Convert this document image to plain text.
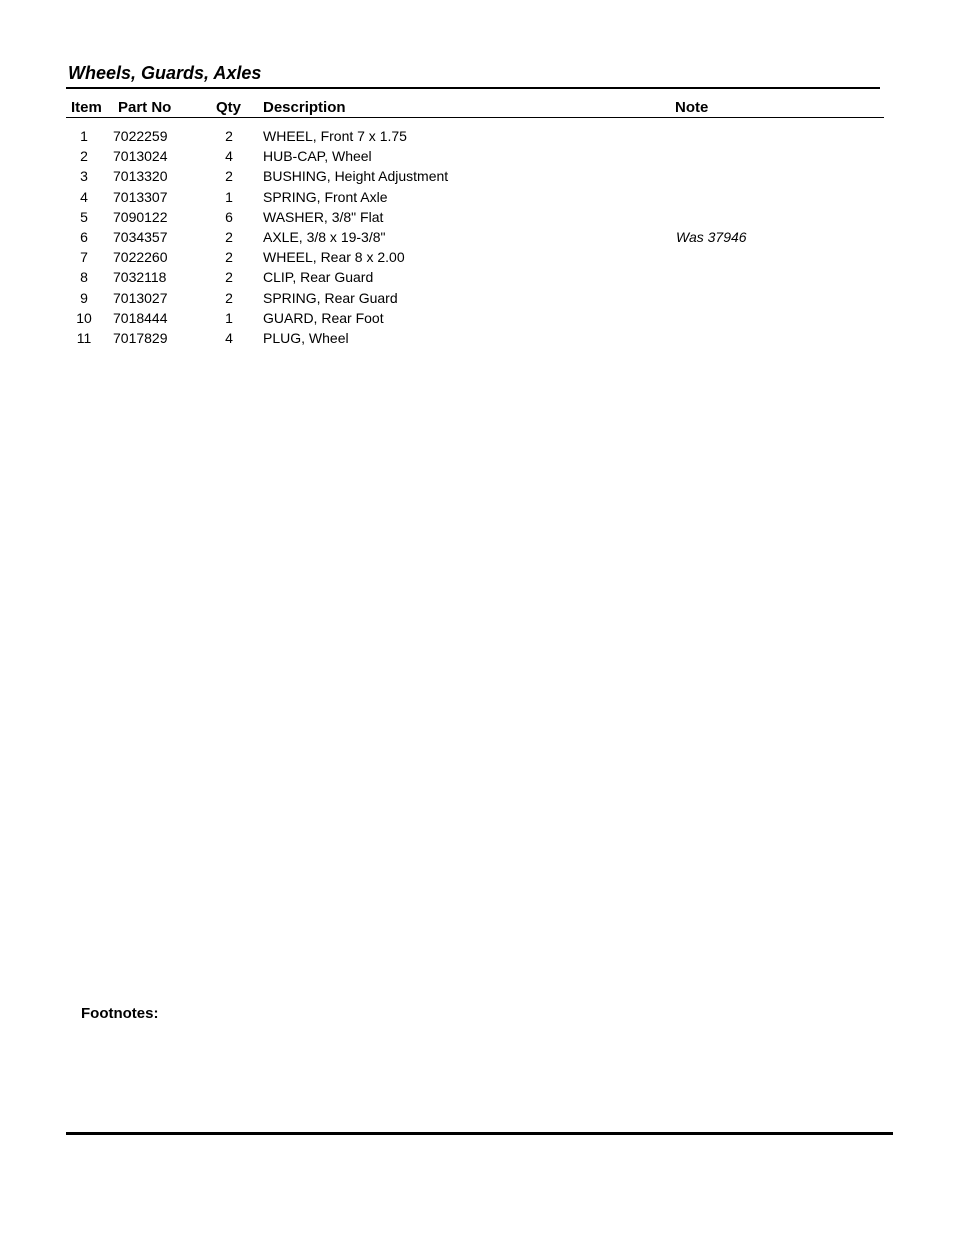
Wheels, Guards, Axles
Item Part No	Qty Description	Note
1	7022259	2	WHEEL, Front 7 x 1.75
2	7013024	4	HUB-CAP, Wheel
3	7013320	2	BUSHING, Height Adjustment
4	7013307	1	SPRING, Front Axle
5	7090122	6	WASHER, 3/8" Flat
6	7034357	2	AXLE, 3/8 x 19-3/8"	Was 37946
7	7022260	2	WHEEL, Rear 8 x 2.00
8	7032118	2	CLIP, Rear Guard
9	7013027	2	SPRING, Rear Guard
10	7018444	1	GUARD, Rear Foot
11	7017829	4	PLUG, Wheel
Footnotes:
